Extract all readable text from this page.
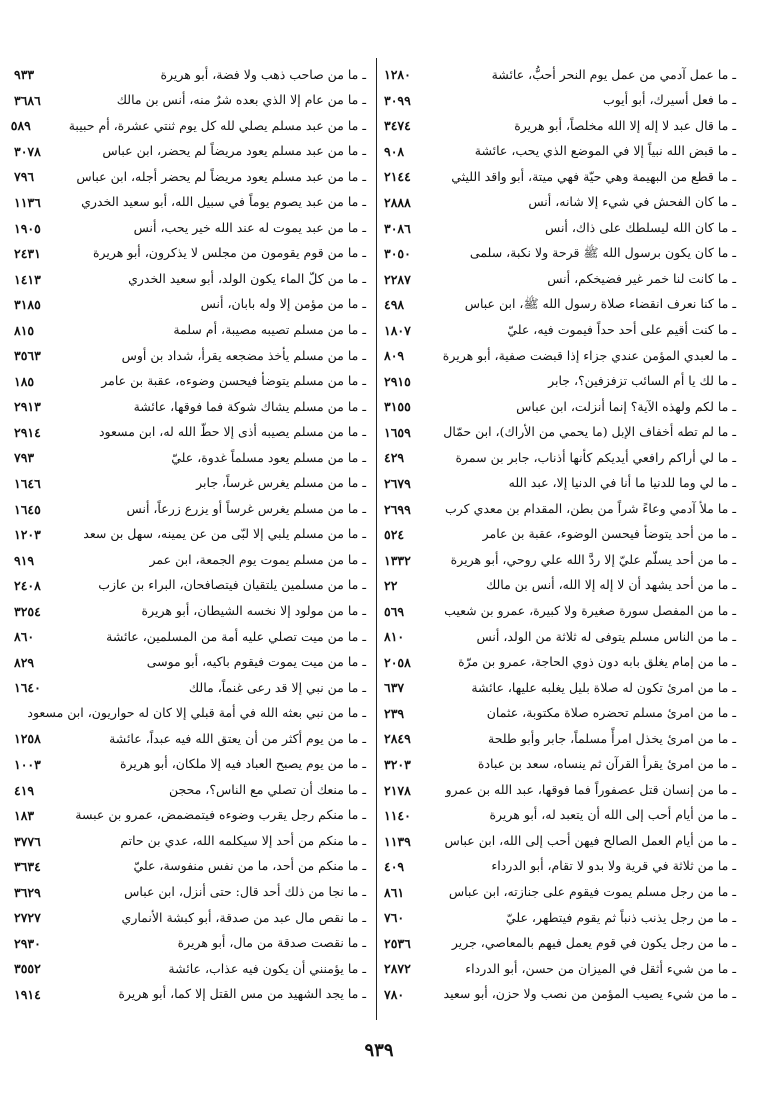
ـ ما عمل آدمي من عمل يوم النحر أحبُّ، عائشة
١٢٨٠
ـ ما فعل أسيرك، أبو أيوب
٣٠٩٩
ـ ما قال عبد لا إله إلا الله مخلصاً، أبو هريرة
٣٤٧٤
ـ ما قبض الله نبياً إلا في الموضع الذي يحب، عائشة
٩٠٨
ـ ما قطع من البهيمة وهي حيّة فهي ميتة، أبو واقد الليثي
٢١٤٤
ـ ما كان الفحش في شيء إلا شانه، أنس
٢٨٨٨
ـ ما كان الله ليسلطك على ذاك، أنس
٣٠٨٦
ـ ما كان يكون برسول الله ﷺ قرحة ولا نكبة، سلمى
٣٠٥٠
ـ ما كانت لنا خمر غير فضيخكم، أنس
٢٢٨٧
ـ ما كنا نعرف انقضاء صلاة رسول الله ﷺ، ابن عباس
٤٩٨
ـ ما كنت أقيم على أحد حداً فيموت فيه، عليّ
١٨٠٧
ـ ما لعبدي المؤمن عندي جزاء إذا قبضت صفية، أبو هريرة
٨٠٩
ـ ما لك يا أم السائب تزفزفين؟، جابر
٢٩١٥
ـ ما لكم ولهذه الآية؟ إنما أنزلت، ابن عباس
٣١٥٥
ـ ما لم تطه أخفاف الإبل (ما يحمي من الأراك)، ابن حمّال
١٦٥٩
ـ ما لي أراكم رافعي أيديكم كأنها أذناب، جابر بن سمرة
٤٢٩
ـ ما لي وما للدنيا ما أنا في الدنيا إلا، عبد الله
٢٦٧٩
ـ ما ملأ آدمي وعاءً شراً من بطن، المقدام بن معدي كرب
٢٦٩٩
ـ ما من أحد يتوضأ فيحسن الوضوء، عقبة بن عامر
٥٢٤
ـ ما من أحد يسلّم عليّ إلا ردَّ الله علي روحي، أبو هريرة
١٣٣٢
ـ ما من أحد يشهد أن لا إله إلا الله، أنس بن مالك
٢٢
ـ ما من المفصل سورة صغيرة ولا كبيرة، عمرو بن شعيب
٥٦٩
ـ ما من الناس مسلم يتوفى له ثلاثة من الولد، أنس
٨١٠
ـ ما من إمام يغلق بابه دون ذوي الحاجة، عمرو بن مرّة
٢٠٥٨
ـ ما من امرئ تكون له صلاة بليل يغلبه عليها، عائشة
٦٣٧
ـ ما من امرئ مسلم تحضره صلاة مكتوبة، عثمان
٢٣٩
ـ ما من امرئ يخذل امرأً مسلماً، جابر وأبو طلحة
٢٨٤٩
ـ ما من امرئ يقرأ القرآن ثم ينساه، سعد بن عبادة
٣٢٠٣
ـ ما من إنسان قتل عصفوراً فما فوقها، عبد الله بن عمرو
٢١٧٨
ـ ما من أيام أحب إلى الله أن يتعبد له، أبو هريرة
١١٤٠
ـ ما من أيام العمل الصالح فيهن أحب إلى الله، ابن عباس
١١٣٩
ـ ما من ثلاثة في قرية ولا بدو لا تقام، أبو الدرداء
٤٠٩
ـ ما من رجل مسلم يموت فيقوم على جنازته، ابن عباس
٨٦١
ـ ما من رجل يذنب ذنباً ثم يقوم فيتطهر، عليّ
٧٦٠
ـ ما من رجل يكون في قوم يعمل فيهم بالمعاصي، جرير
٢٥٣٦
ـ ما من شيء أثقل في الميزان من حسن، أبو الدرداء
٢٨٧٢
ـ ما من شيء يصيب المؤمن من نصب ولا حزن، أبو سعيد
٧٨٠
ـ ما من صاحب ذهب ولا فضة، أبو هريرة
٩٣٣
ـ ما من عام إلا الذي بعده شرٌ منه، أنس بن مالك
٣٦٨٦
ـ ما من عبد مسلم يصلي لله كل يوم ثنتي عشرة، أم حبيبة
٥٨٩
ـ ما من عبد مسلم يعود مريضاً لم يحضر، ابن عباس
٣٠٧٨
ـ ما من عبد مسلم يعود مريضاً لم يحضر أجله، ابن عباس
٧٩٦
ـ ما من عبد يصوم يوماً في سبيل الله، أبو سعيد الخدري
١١٣٦
ـ ما من عبد يموت له عند الله خير يحب، أنس
١٩٠٥
ـ ما من قوم يقومون من مجلس لا يذكرون، أبو هريرة
٢٤٣١
ـ ما من كلّ الماء يكون الولد، أبو سعيد الخدري
١٤١٣
ـ ما من مؤمن إلا وله بابان، أنس
٣١٨٥
ـ ما من مسلم تصيبه مصيبة، أم سلمة
٨١٥
ـ ما من مسلم يأخذ مضجعه يقرأ، شداد بن أوس
٣٥٦٣
ـ ما من مسلم يتوضأ فيحسن وضوءه، عقبة بن عامر
١٨٥
ـ ما من مسلم يشاك شوكة فما فوقها، عائشة
٢٩١٣
ـ ما من مسلم يصيبه أذى إلا حطّ الله له، ابن مسعود
٢٩١٤
ـ ما من مسلم يعود مسلماً غدوة، عليّ
٧٩٣
ـ ما من مسلم يغرس غرساً، جابر
١٦٤٦
ـ ما من مسلم يغرس غرساً أو يزرع زرعاً، أنس
١٦٤٥
ـ ما من مسلم يلبي إلا لبّى من عن يمينه، سهل بن سعد
١٢٠٣
ـ ما من مسلم يموت يوم الجمعة، ابن عمر
٩١٩
ـ ما من مسلمين يلتقيان فيتصافحان، البراء بن عازب
٢٤٠٨
ـ ما من مولود إلا نخسه الشيطان، أبو هريرة
٣٢٥٤
ـ ما من ميت تصلي عليه أمة من المسلمين، عائشة
٨٦٠
ـ ما من ميت يموت فيقوم باكيه، أبو موسى
٨٢٩
ـ ما من نبي إلا قد رعى غنماً، مالك
١٦٤٠
ـ ما من نبي بعثه الله في أمة قبلي إلا كان له حواريون، ابن مسعود
ـ ما من يوم أكثر من أن يعتق الله فيه عبداً، عائشة
١٢٥٨
ـ ما من يوم يصبح العباد فيه إلا ملكان، أبو هريرة
١٠٠٣
ـ ما منعك أن تصلي مع الناس؟، محجن
٤١٩
ـ ما منكم رجل يقرب وضوءه فيتمضمض، عمرو بن عبسة
١٨٣
ـ ما منكم من أحد إلا سيكلمه الله، عدي بن حاتم
٣٧٧٦
ـ ما منكم من أحد، ما من نفس منفوسة، عليّ
٣٦٣٤
ـ ما نجا من ذلك أحد قال: حتى أنزل، ابن عباس
٣٦٢٩
ـ ما نقص مال عبد من صدقة، أبو كبشة الأنماري
٢٧٢٧
ـ ما نقصت صدقة من مال، أبو هريرة
٢٩٣٠
ـ ما يؤمنني أن يكون فيه عذاب، عائشة
٣٥٥٢
ـ ما يجد الشهيد من مس القتل إلا كما، أبو هريرة
١٩١٤
٩٣٩
